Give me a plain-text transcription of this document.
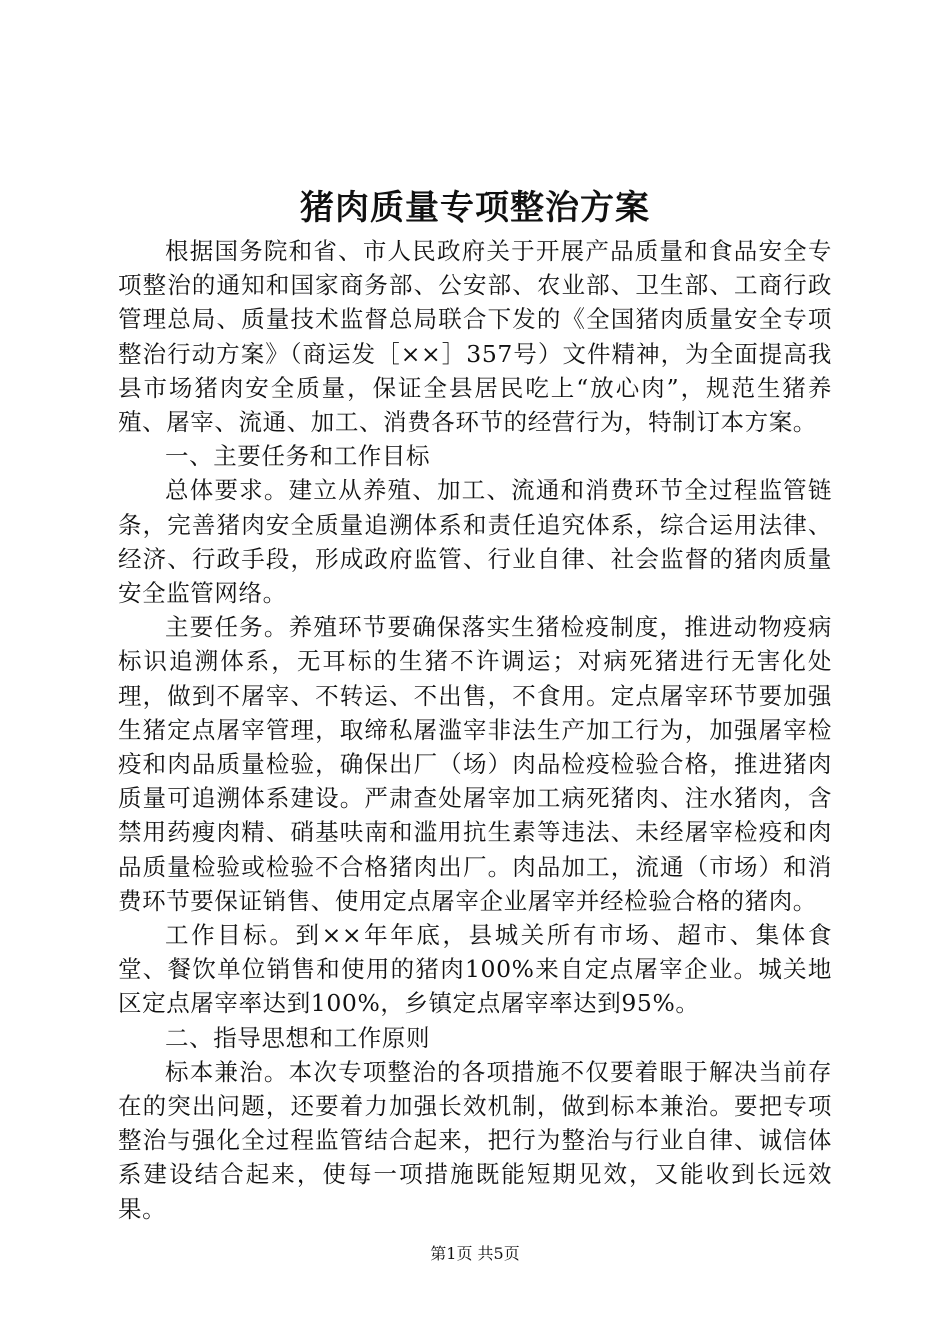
猪肉质量专项整治方案

根据国务院和省、市人民政府关于开展产品质量和食品安全专项整治的通知和国家商务部、公安部、农业部、卫生部、工商行政管理总局、质量技术监督总局联合下发的《全国猪肉质量安全专项整治行动方案》（商运发［××］357号）文件精神，为全面提高我县市场猪肉安全质量，保证全县居民吃上“放心肉”，规范生猪养殖、屠宰、流通、加工、消费各环节的经营行为，特制订本方案。

一、主要任务和工作目标

总体要求。建立从养殖、加工、流通和消费环节全过程监管链条，完善猪肉安全质量追溯体系和责任追究体系，综合运用法律、经济、行政手段，形成政府监管、行业自律、社会监督的猪肉质量安全监管网络。

主要任务。养殖环节要确保落实生猪检疫制度，推进动物疫病标识追溯体系，无耳标的生猪不许调运；对病死猪进行无害化处理，做到不屠宰、不转运、不出售，不食用。定点屠宰环节要加强生猪定点屠宰管理，取缔私屠滥宰非法生产加工行为，加强屠宰检疫和肉品质量检验，确保出厂（场）肉品检疫检验合格，推进猪肉质量可追溯体系建设。严肃查处屠宰加工病死猪肉、注水猪肉，含禁用药瘦肉精、硝基呋南和滥用抗生素等违法、未经屠宰检疫和肉品质量检验或检验不合格猪肉出厂。肉品加工，流通（市场）和消费环节要保证销售、使用定点屠宰企业屠宰并经检验合格的猪肉。

工作目标。到××年年底，县城关所有市场、超市、集体食堂、餐饮单位销售和使用的猪肉100%来自定点屠宰企业。城关地区定点屠宰率达到100%，乡镇定点屠宰率达到95%。

二、指导思想和工作原则

标本兼治。本次专项整治的各项措施不仅要着眼于解决当前存在的突出问题，还要着力加强长效机制，做到标本兼治。要把专项整治与强化全过程监管结合起来，把行为整治与行业自律、诚信体系建设结合起来，使每一项措施既能短期见效，又能收到长远效果。

第1页 共5页
